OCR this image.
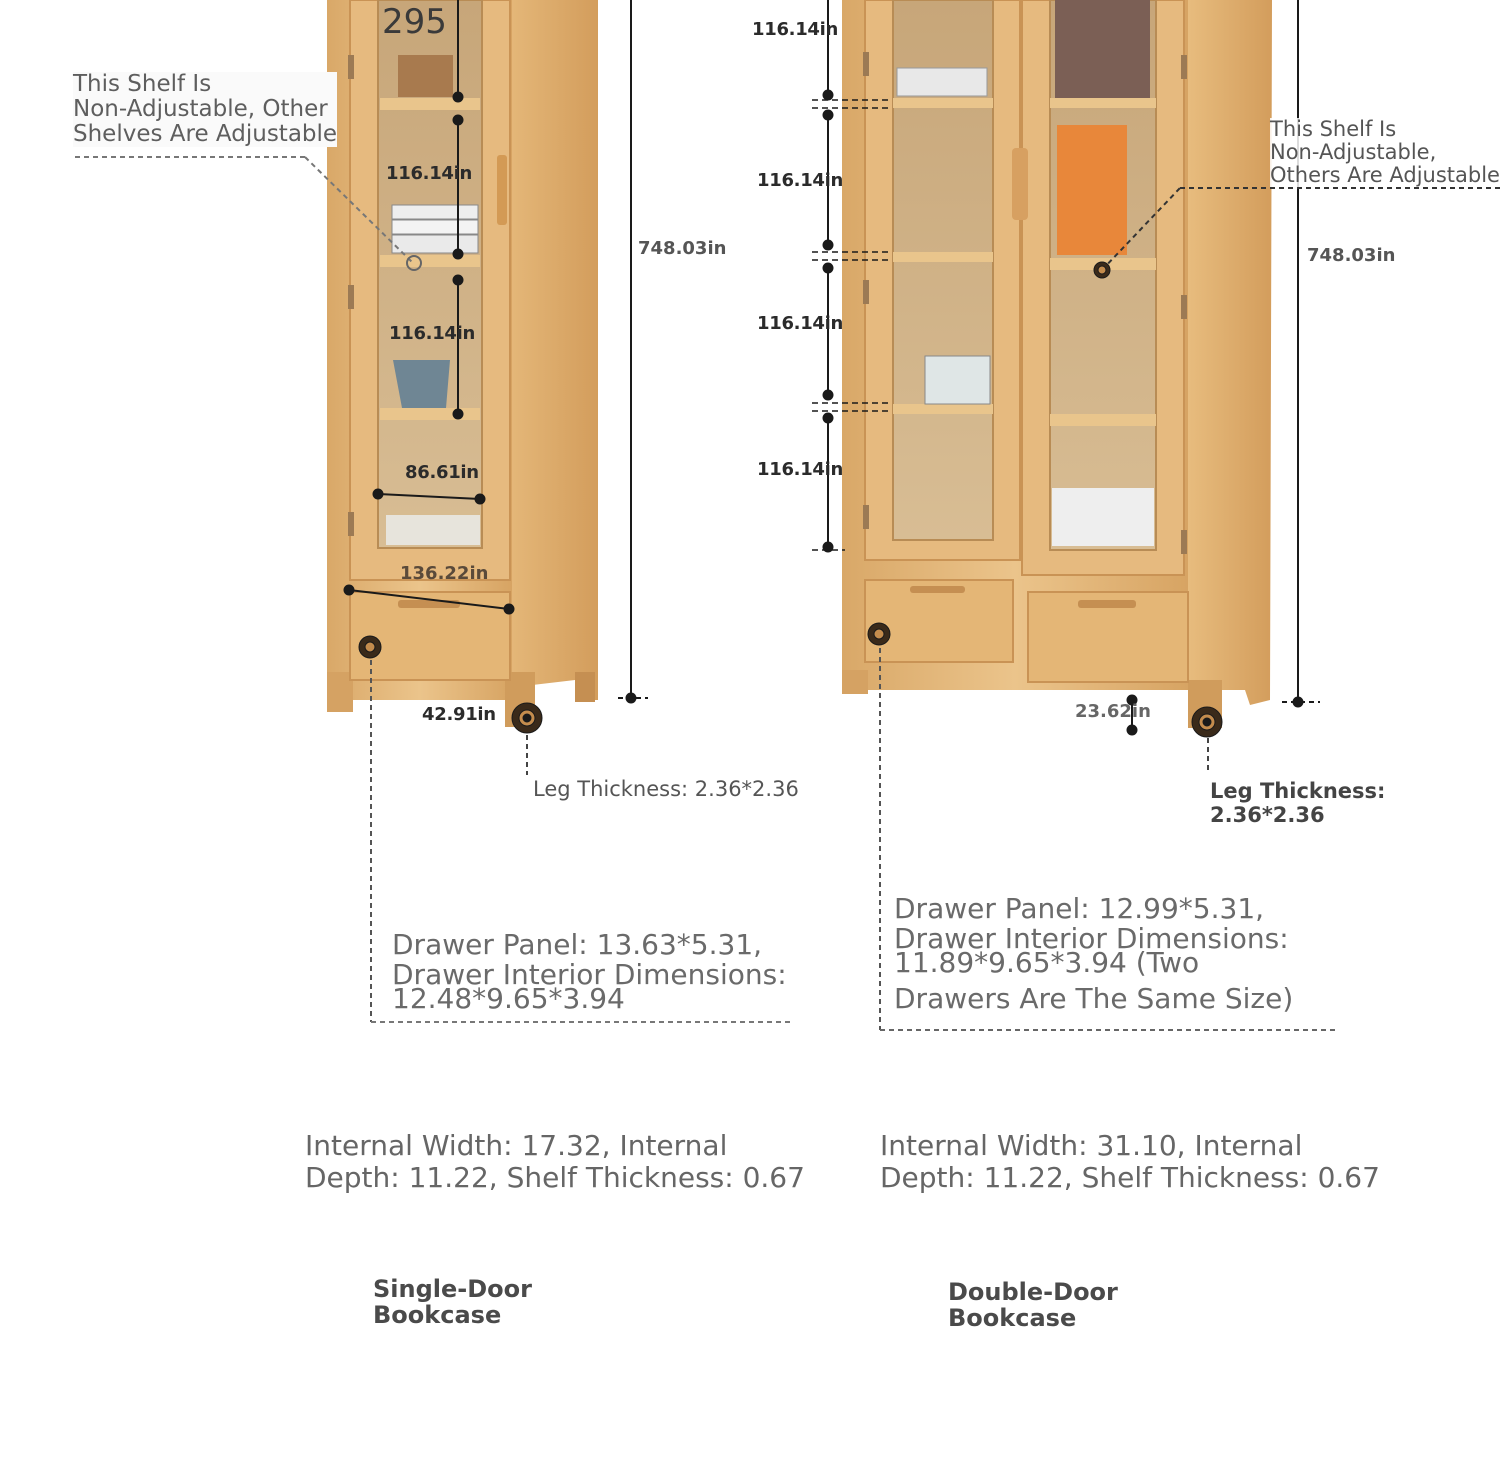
295
This Shelf Is
Non-Adjustable, Other
Shelves Are Adjustable
116.14in
116.14in
748.03in
86.61in
136.22in
42.91in
Leg Thickness: 2.36*2.36
Drawer Panel: 13.63*5.31,
Drawer Interior Dimensions:
12.48*9.65*3.94
Internal Width: 17.32, Internal
Depth: 11.22, Shelf Thickness: 0.67
Single-Door
Bookcase
116.14in
116.14in
116.14in
116.14in
This Shelf Is
Non-Adjustable,
Others Are Adjustable
748.03in
23.62in
Leg Thickness: 2.36*2.36
Drawer Panel: 12.99*5.31,
Drawer Interior Dimensions:
11.89*9.65*3.94 (Two
Drawers Are The Same Size)
Internal Width: 31.10, Internal
Depth: 11.22, Shelf Thickness: 0.67
Double-Door
Bookcase
